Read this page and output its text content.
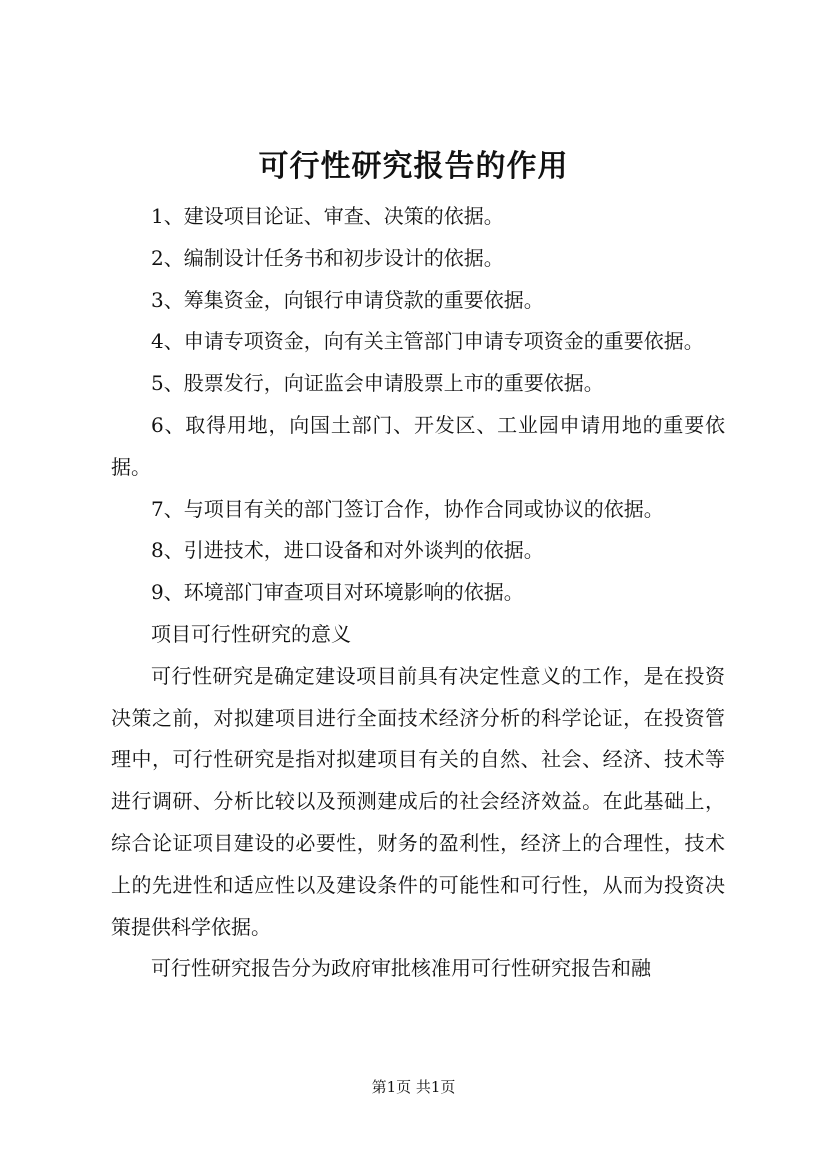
可行性研究报告的作用

1、建设项目论证、审查、决策的依据。

2、编制设计任务书和初步设计的依据。

3、筹集资金，向银行申请贷款的重要依据。

4、申请专项资金，向有关主管部门申请专项资金的重要依据。

5、股票发行，向证监会申请股票上市的重要依据。

6、取得用地，向国土部门、开发区、工业园申请用地的重要依据。

7、与项目有关的部门签订合作，协作合同或协议的依据。

8、引进技术，进口设备和对外谈判的依据。

9、环境部门审查项目对环境影响的依据。

项目可行性研究的意义

可行性研究是确定建设项目前具有决定性意义的工作，是在投资决策之前，对拟建项目进行全面技术经济分析的科学论证，在投资管理中，可行性研究是指对拟建项目有关的自然、社会、经济、技术等进行调研、分析比较以及预测建成后的社会经济效益。在此基础上，综合论证项目建设的必要性，财务的盈利性，经济上的合理性，技术上的先进性和适应性以及建设条件的可能性和可行性，从而为投资决策提供科学依据。

可行性研究报告分为政府审批核准用可行性研究报告和融

第1页 共1页
